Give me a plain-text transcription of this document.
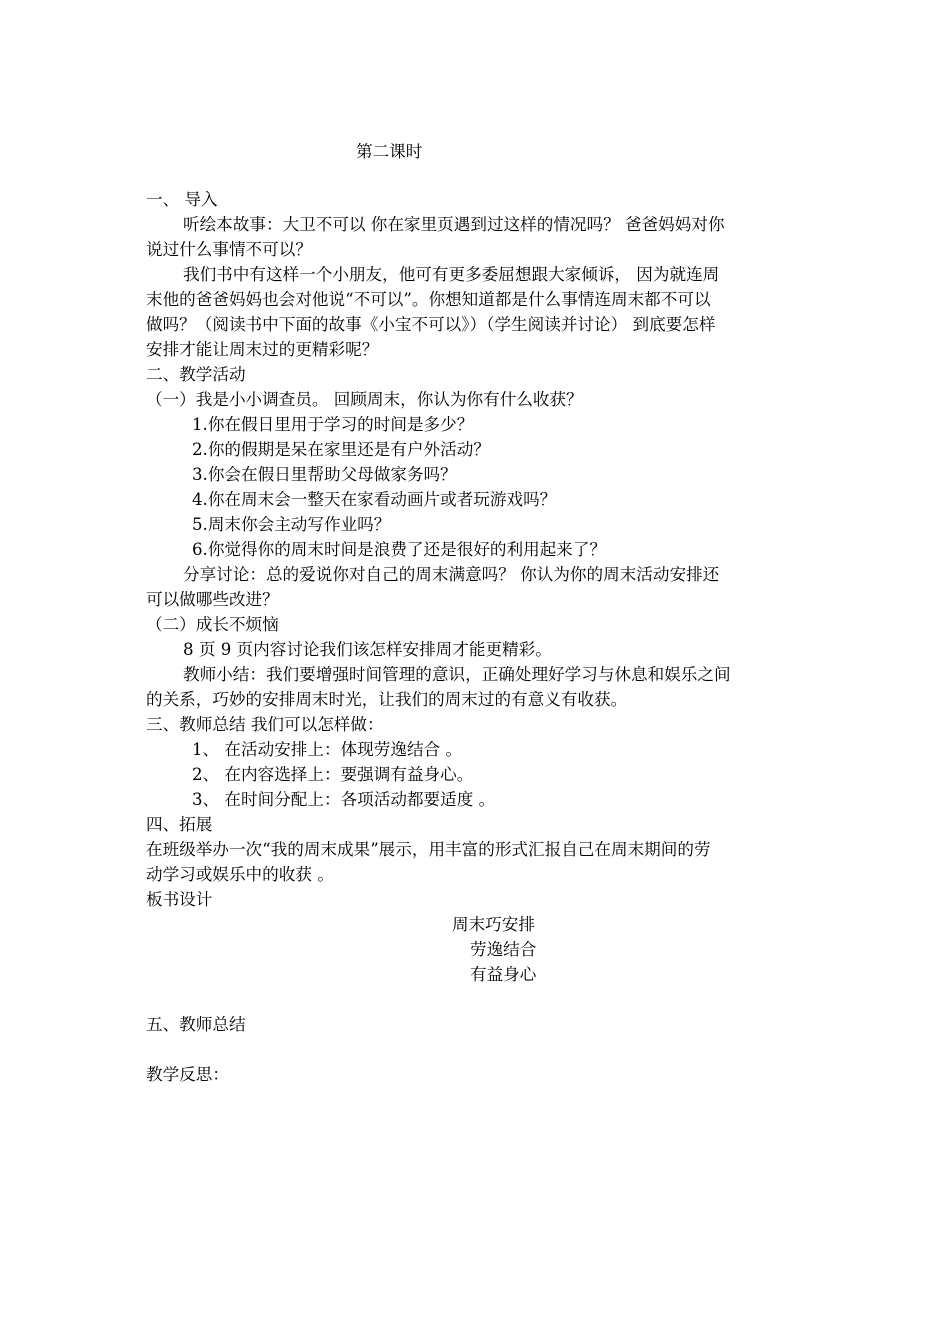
第二课时
一、 导入
听绘本故事：大卫不可以 你在家里页遇到过这样的情况吗？ 爸爸妈妈对你
说过什么事情不可以？
我们书中有这样一个小朋友，他可有更多委屈想跟大家倾诉， 因为就连周
末他的爸爸妈妈也会对他说“不可以”。你想知道都是什么事情连周末都不可以
做吗？（阅读书中下面的故事《小宝不可以》）（学生阅读并讨论） 到底要怎样
安排才能让周末过的更精彩呢？
二、教学活动
（一）我是小小调查员。 回顾周末，你认为你有什么收获？
1.你在假日里用于学习的时间是多少？
2.你的假期是呆在家里还是有户外活动？
3.你会在假日里帮助父母做家务吗？
4.你在周末会一整天在家看动画片或者玩游戏吗？
5.周末你会主动写作业吗？
6.你觉得你的周末时间是浪费了还是很好的利用起来了？
分享讨论：总的爱说你对自己的周末满意吗？ 你认为你的周末活动安排还
可以做哪些改进？
（二）成长不烦恼
8 页 9 页内容讨论我们该怎样安排周才能更精彩。
教师小结：我们要增强时间管理的意识，正确处理好学习与休息和娱乐之间
的关系，巧妙的安排周末时光，让我们的周末过的有意义有收获。
三、教师总结 我们可以怎样做：
1、 在活动安排上：体现劳逸结合 。
2、 在内容选择上：要强调有益身心。
3、 在时间分配上：各项活动都要适度 。
四、拓展
在班级举办一次“我的周末成果”展示，用丰富的形式汇报自己在周末期间的劳
动学习或娱乐中的收获 。
板书设计
周末巧安排
劳逸结合
有益身心
五、教师总结
教学反思：
